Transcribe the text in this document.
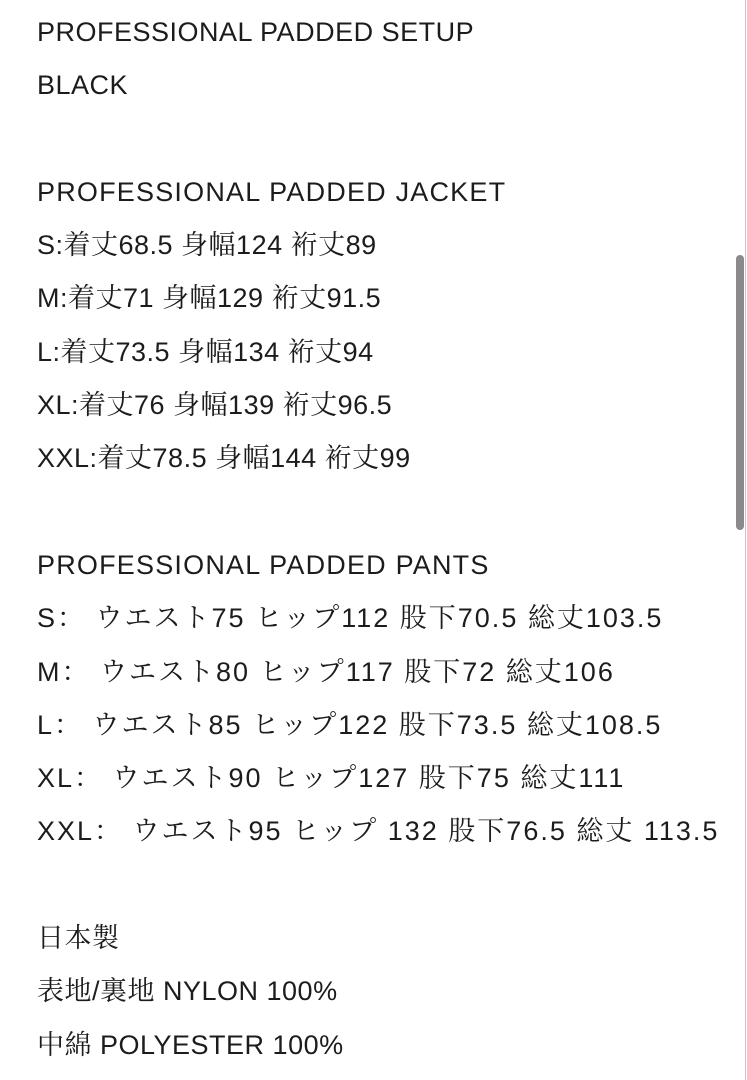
PROFESSIONAL PADDED SETUP

BLACK

PROFESSIONAL PADDED JACKET

S:着丈68.5 身幅124 裄丈89

M:着丈71 身幅129 裄丈91.5

L:着丈73.5 身幅134 裄丈94

XL:着丈76 身幅139 裄丈96.5

XXL:着丈78.5 身幅144 裄丈99

PROFESSIONAL PADDED PANTS

S： ウエスト75 ヒップ112 股下70.5 総丈103.5

M： ウエスト80 ヒップ117 股下72 総丈106

L： ウエスト85 ヒップ122 股下73.5 総丈108.5

XL： ウエスト90 ヒップ127 股下75 総丈111

XXL： ウエスト95 ヒップ 132 股下76.5 総丈 113.5

日本製

表地/裏地 NYLON 100%

中綿 POLYESTER 100%
